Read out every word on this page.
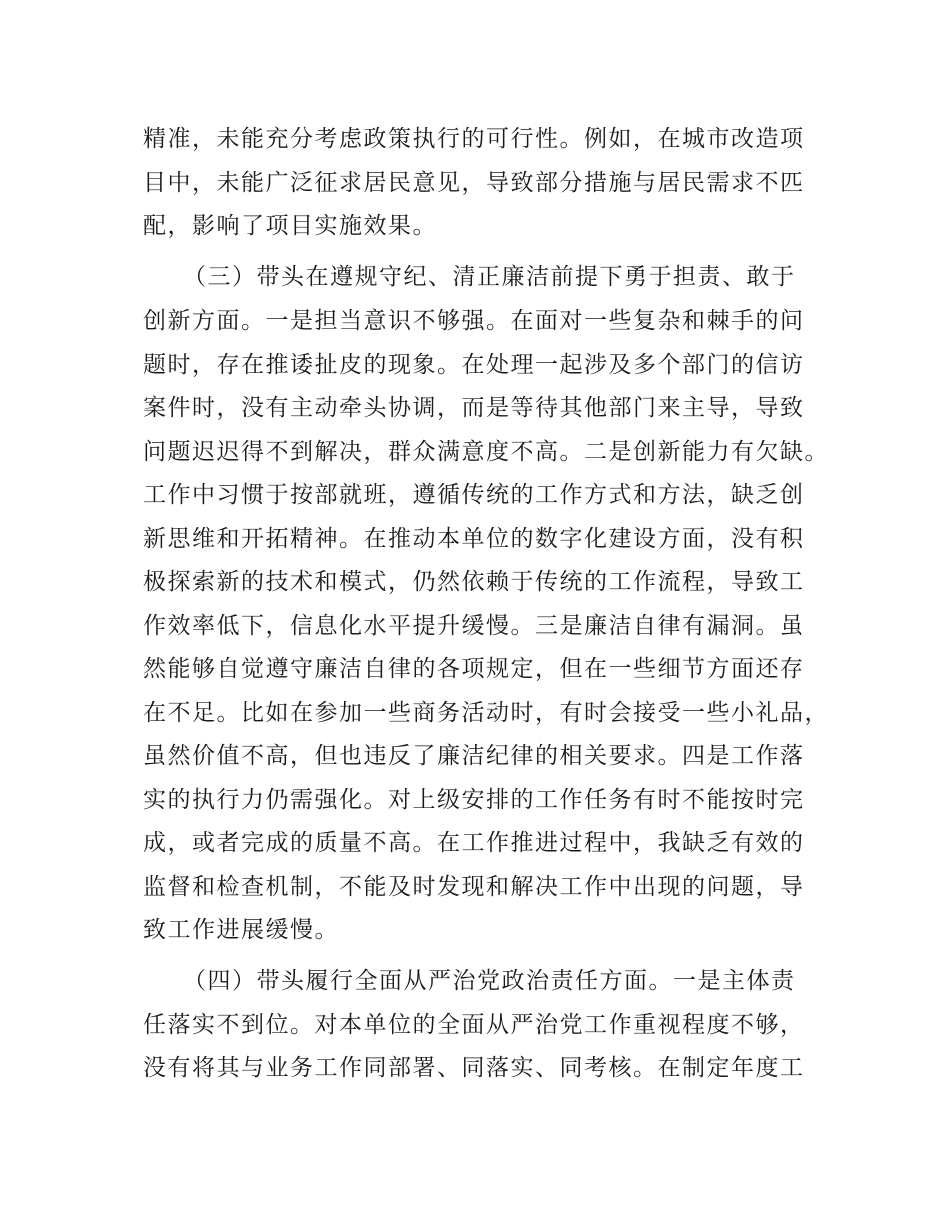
精准，未能充分考虑政策执行的可行性。例如，在城市改造项
目中，未能广泛征求居民意见，导致部分措施与居民需求不匹
配，影响了项目实施效果。
（三）带头在遵规守纪、清正廉洁前提下勇于担责、敢于
创新方面。一是担当意识不够强。在面对一些复杂和棘手的问
题时，存在推诿扯皮的现象。在处理一起涉及多个部门的信访
案件时，没有主动牵头协调，而是等待其他部门来主导，导致
问题迟迟得不到解决，群众满意度不高。二是创新能力有欠缺。
工作中习惯于按部就班，遵循传统的工作方式和方法，缺乏创
新思维和开拓精神。在推动本单位的数字化建设方面，没有积
极探索新的技术和模式，仍然依赖于传统的工作流程，导致工
作效率低下，信息化水平提升缓慢。三是廉洁自律有漏洞。虽
然能够自觉遵守廉洁自律的各项规定，但在一些细节方面还存
在不足。比如在参加一些商务活动时，有时会接受一些小礼品，
虽然价值不高，但也违反了廉洁纪律的相关要求。四是工作落
实的执行力仍需强化。对上级安排的工作任务有时不能按时完
成，或者完成的质量不高。在工作推进过程中，我缺乏有效的
监督和检查机制，不能及时发现和解决工作中出现的问题，导
致工作进展缓慢。
（四）带头履行全面从严治党政治责任方面。一是主体责
任落实不到位。对本单位的全面从严治党工作重视程度不够，
没有将其与业务工作同部署、同落实、同考核。在制定年度工
